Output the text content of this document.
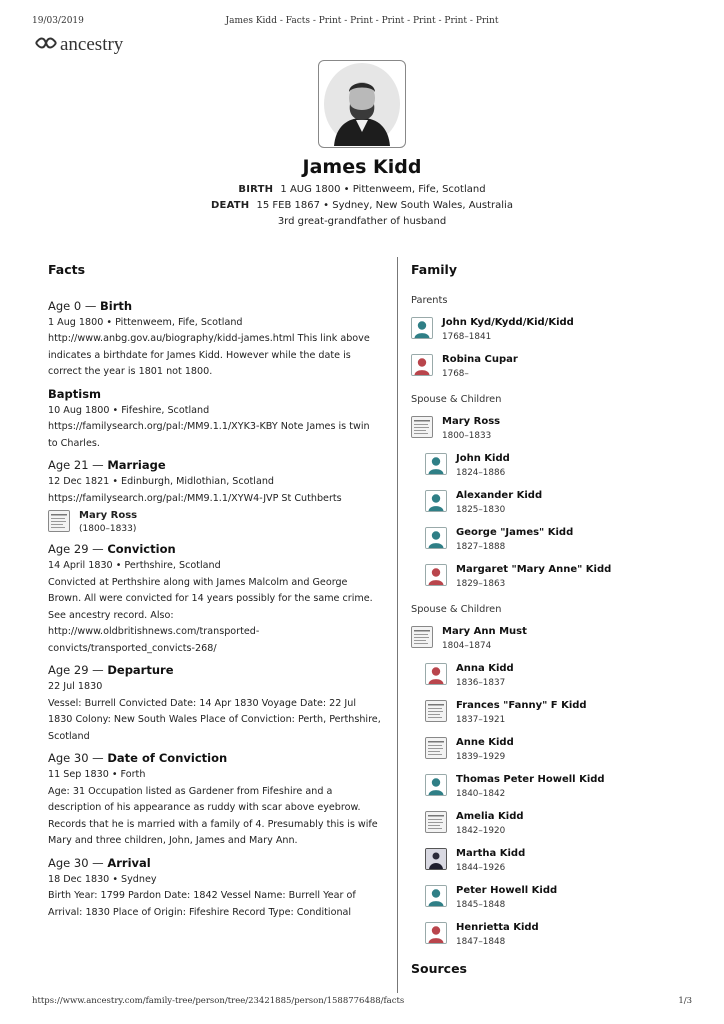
19/03/2019	James Kidd - Facts - Print - Print - Print - Print - Print - Print
ancestry
James Kidd
BIRTH 1 AUG 1800 • Pittenweem, Fife, Scotland
DEATH 15 FEB 1867 • Sydney, New South Wales, Australia
3rd great-grandfather of husband
Facts
Age 0 — Birth
1 Aug 1800 • Pittenweem, Fife, Scotland
http://www.anbg.gov.au/biography/kidd-james.html This link above indicates a birthdate for James Kidd. However while the date is correct the year is 1801 not 1800.
Baptism
10 Aug 1800 • Fifeshire, Scotland
https://familysearch.org/pal:/MM9.1.1/XYK3-KBY Note James is twin to Charles.
Age 21 — Marriage
12 Dec 1821 • Edinburgh, Midlothian, Scotland
https://familysearch.org/pal:/MM9.1.1/XYW4-JVP St Cuthberts
Mary Ross
(1800–1833)
Age 29 — Conviction
14 April 1830 • Perthshire, Scotland
Convicted at Perthshire along with James Malcolm and George Brown. All were convicted for 14 years possibly for the same crime. See ancestry record. Also: http://www.oldbritishnews.com/transported-convicts/transported_convicts-268/
Age 29 — Departure
22 Jul 1830
Vessel: Burrell Convicted Date: 14 Apr 1830 Voyage Date: 22 Jul 1830 Colony: New South Wales Place of Conviction: Perth, Perthshire, Scotland
Age 30 — Date of Conviction
11 Sep 1830 • Forth
Age: 31 Occupation listed as Gardener from Fifeshire and a description of his appearance as ruddy with scar above eyebrow. Records that he is married with a family of 4. Presumably this is wife Mary and three children, John, James and Mary Ann.
Age 30 — Arrival
18 Dec 1830 • Sydney
Birth Year: 1799 Pardon Date: 1842 Vessel Name: Burrell Year of Arrival: 1830 Place of Origin: Fifeshire Record Type: Conditional
Family
Parents
John Kyd/Kydd/Kid/Kidd
1768–1841
Robina Cupar
1768–
Spouse & Children
Mary Ross
1800–1833
John Kidd
1824–1886
Alexander Kidd
1825–1830
George "James" Kidd
1827–1888
Margaret "Mary Anne" Kidd
1829–1863
Spouse & Children
Mary Ann Must
1804–1874
Anna Kidd
1836–1837
Frances "Fanny" F Kidd
1837–1921
Anne Kidd
1839–1929
Thomas Peter Howell Kidd
1840–1842
Amelia Kidd
1842–1920
Martha Kidd
1844–1926
Peter Howell Kidd
1845–1848
Henrietta Kidd
1847–1848
Sources
https://www.ancestry.com/family-tree/person/tree/23421885/person/1588776488/facts	1/3
